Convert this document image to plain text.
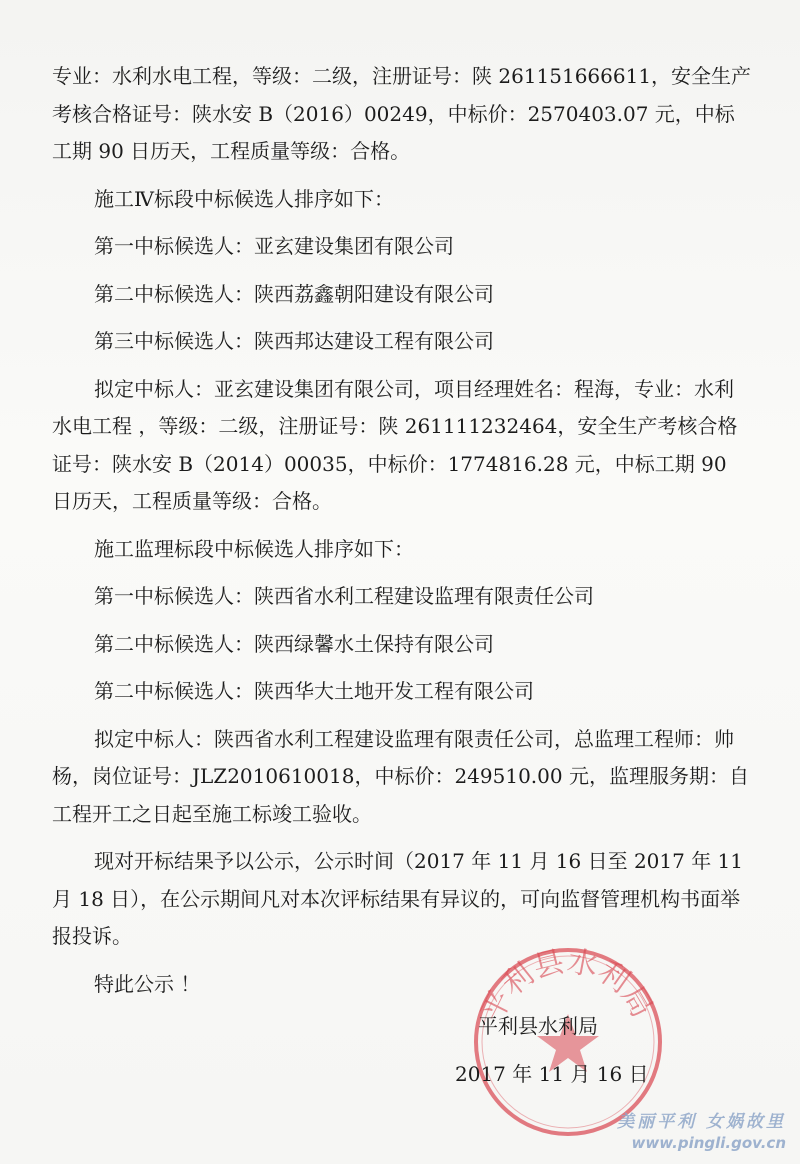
专业：水利水电工程，等级：二级，注册证号：陕 261151666611，安全生产考核合格证号：陕水安 B（2016）00249，中标价：2570403.07 元，中标工期 90 日历天，工程质量等级：合格。

施工Ⅳ标段中标候选人排序如下：

第一中标候选人：亚玄建设集团有限公司

第二中标候选人：陕西荔鑫朝阳建设有限公司

第三中标候选人：陕西邦达建设工程有限公司

拟定中标人：亚玄建设集团有限公司，项目经理姓名：程海，专业：水利水电工程 ，等级：二级，注册证号：陕 261111232464，安全生产考核合格证号：陕水安 B（2014）00035，中标价：1774816.28 元，中标工期 90 日历天，工程质量等级：合格。

施工监理标段中标候选人排序如下：

第一中标候选人：陕西省水利工程建设监理有限责任公司

第二中标候选人：陕西绿馨水土保持有限公司

第二中标候选人：陕西华大土地开发工程有限公司

拟定中标人：陕西省水利工程建设监理有限责任公司，总监理工程师：帅杨，岗位证号：JLZ2010610018，中标价：249510.00 元，监理服务期：自工程开工之日起至施工标竣工验收。

现对开标结果予以公示，公示时间（2017 年 11 月 16 日至 2017 年 11 月 18 日），在公示期间凡对本次评标结果有异议的，可向监督管理机构书面举报投诉。

特此公示 ！

平利县水利局
平利县水利局
2017 年 11 月 16 日
美丽平利 女娲故里
www.pingli.gov.cn
